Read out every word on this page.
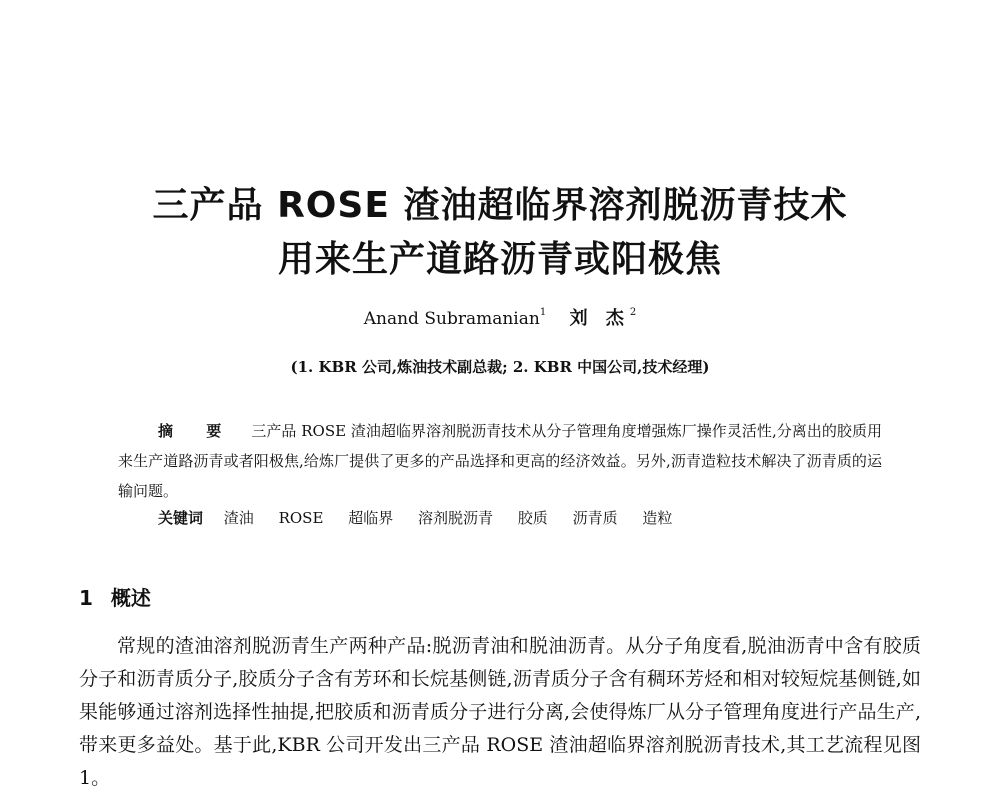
三产品 ROSE 渣油超临界溶剂脱沥青技术
用来生产道路沥青或阳极焦
Anand Subramanian$^1$ 刘 杰$^2$
(1. KBR 公司,炼油技术副总裁; 2. KBR 中国公司,技术经理)
摘 要 三产品 ROSE 渣油超临界溶剂脱沥青技术从分子管理角度增强炼厂操作灵活性,分离出的胶质用来生产道路沥青或者阳极焦,给炼厂提供了更多的产品选择和更高的经济效益。另外,沥青造粒技术解决了沥青质的运输问题。
关键词 渣油 ROSE 超临界 溶剂脱沥青 胶质 沥青质 造粒
1 概述
常规的渣油溶剂脱沥青生产两种产品:脱沥青油和脱油沥青。从分子角度看,脱油沥青中含有胶质分子和沥青质分子,胶质分子含有芳环和长烷基侧链,沥青质分子含有稠环芳烃和相对较短烷基侧链,如果能够通过溶剂选择性抽提,把胶质和沥青质分子进行分离,会使得炼厂从分子管理角度进行产品生产,带来更多益处。基于此,KBR 公司开发出三产品 ROSE 渣油超临界溶剂脱沥青技术,其工艺流程见图 1。
